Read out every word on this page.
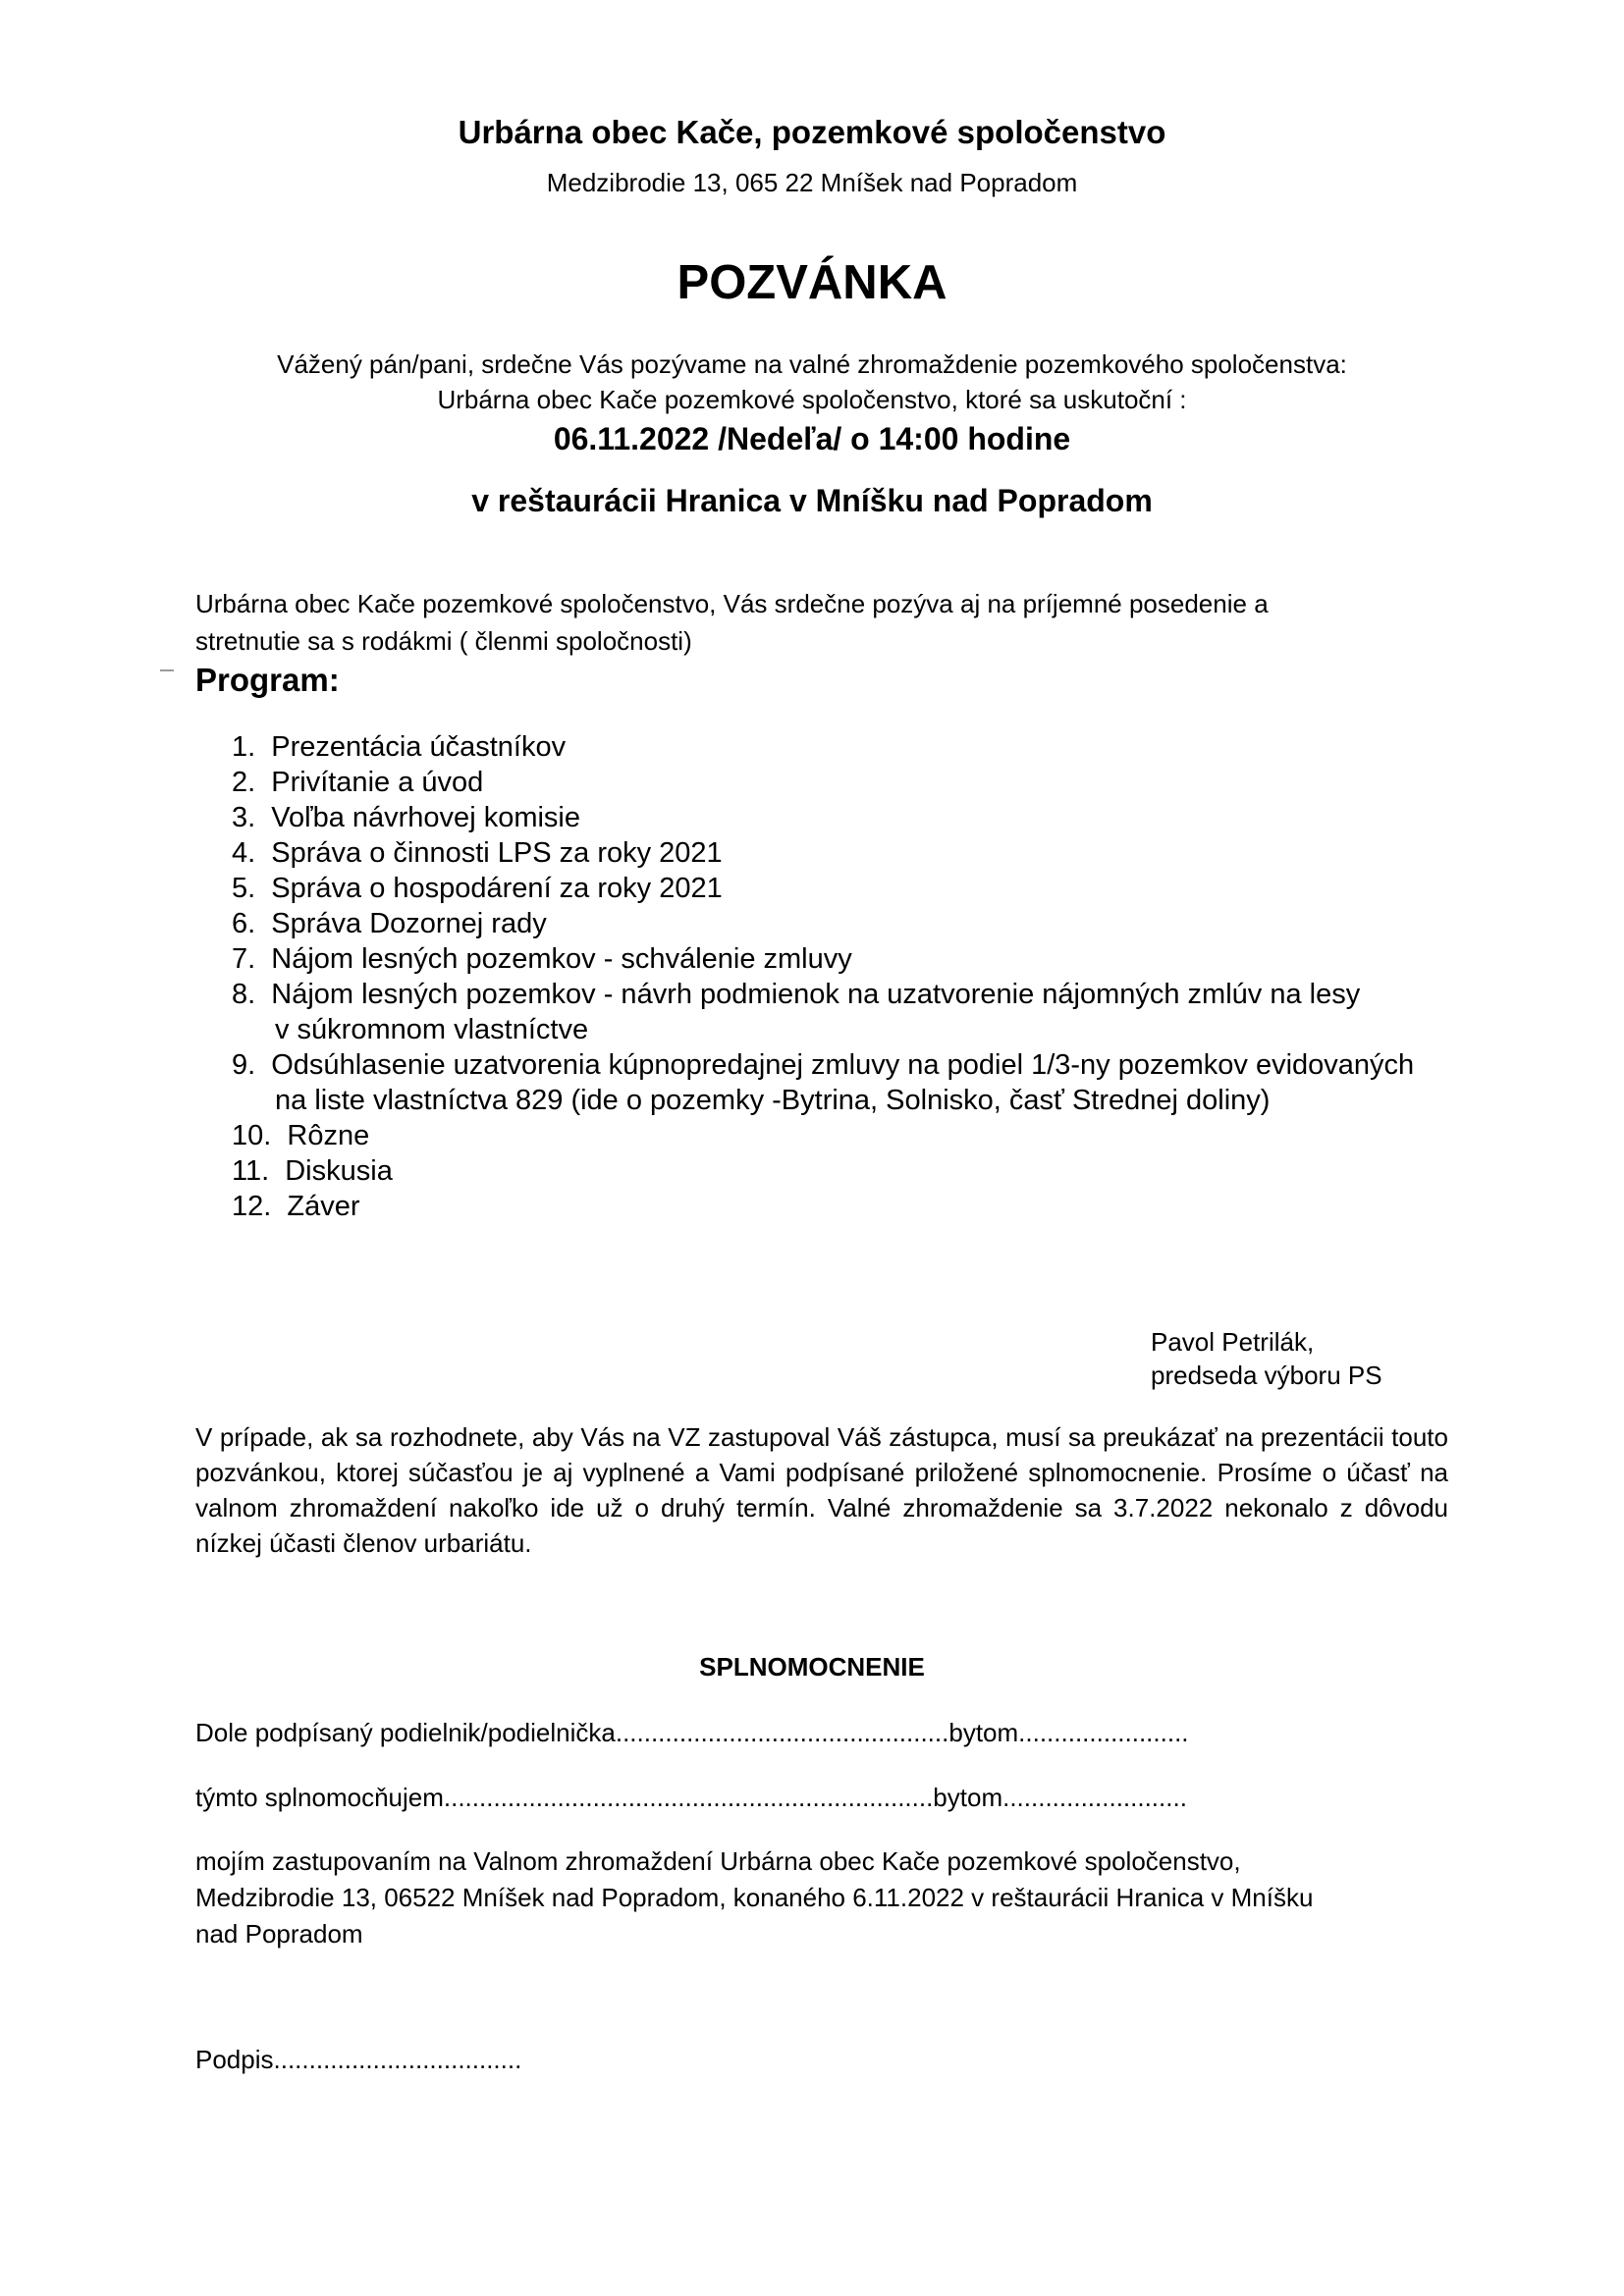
Urbárna obec Kače, pozemkové spoločenstvo
Medzibrodie 13, 065 22 Mníšek nad Popradom
POZVÁNKA
Vážený pán/pani, srdečne Vás pozývame na valné zhromaždenie pozemkového spoločenstva:
Urbárna obec Kače pozemkové spoločenstvo, ktoré sa uskutoční :
06.11.2022 /Nedeľa/ o 14:00 hodine
v reštaurácii Hranica v Mníšku nad Popradom
Urbárna obec Kače pozemkové spoločenstvo, Vás srdečne pozýva aj na príjemné posedenie a
stretnutie sa s rodákmi ( členmi spoločnosti)
Program:
1. Prezentácia účastníkov
2. Privítanie a úvod
3. Voľba návrhovej komisie
4. Správa o činnosti LPS za roky 2021
5. Správa o hospodárení za roky 2021
6. Správa Dozornej rady
7. Nájom lesných pozemkov - schválenie zmluvy
8. Nájom lesných pozemkov - návrh podmienok na uzatvorenie nájomných zmlúv na lesy
v súkromnom vlastníctve
9. Odsúhlasenie uzatvorenia kúpnopredajnej zmluvy na podiel 1/3-ny pozemkov evidovaných
na liste vlastníctva 829 (ide o pozemky -Bytrina, Solnisko, časť Strednej doliny)
10. Rôzne
11. Diskusia
12. Záver
Pavol Petrilák,
predseda výboru PS

V prípade, ak sa rozhodnete, aby Vás na VZ zastupoval Váš zástupca, musí sa preukázať na prezentácii touto pozvánkou, ktorej súčasťou je aj vyplnené a Vami podpísané priložené splnomocnenie. Prosíme o účasť na valnom zhromaždení nakoľko ide už o druhý termín. Valné zhromaždenie sa 3.7.2022 nekonalo z dôvodu nízkej účasti členov urbariátu.

SPLNOMOCNENIE
Dole podpísaný podielnik/podielnička...............................................bytom........................
týmto splnomocňujem.....................................................................bytom..........................
mojím zastupovaním na Valnom zhromaždení Urbárna obec Kače pozemkové spoločenstvo,
Medzibrodie 13, 06522 Mníšek nad Popradom, konaného 6.11.2022 v reštaurácii Hranica v Mníšku
nad Popradom
Podpis...................................
